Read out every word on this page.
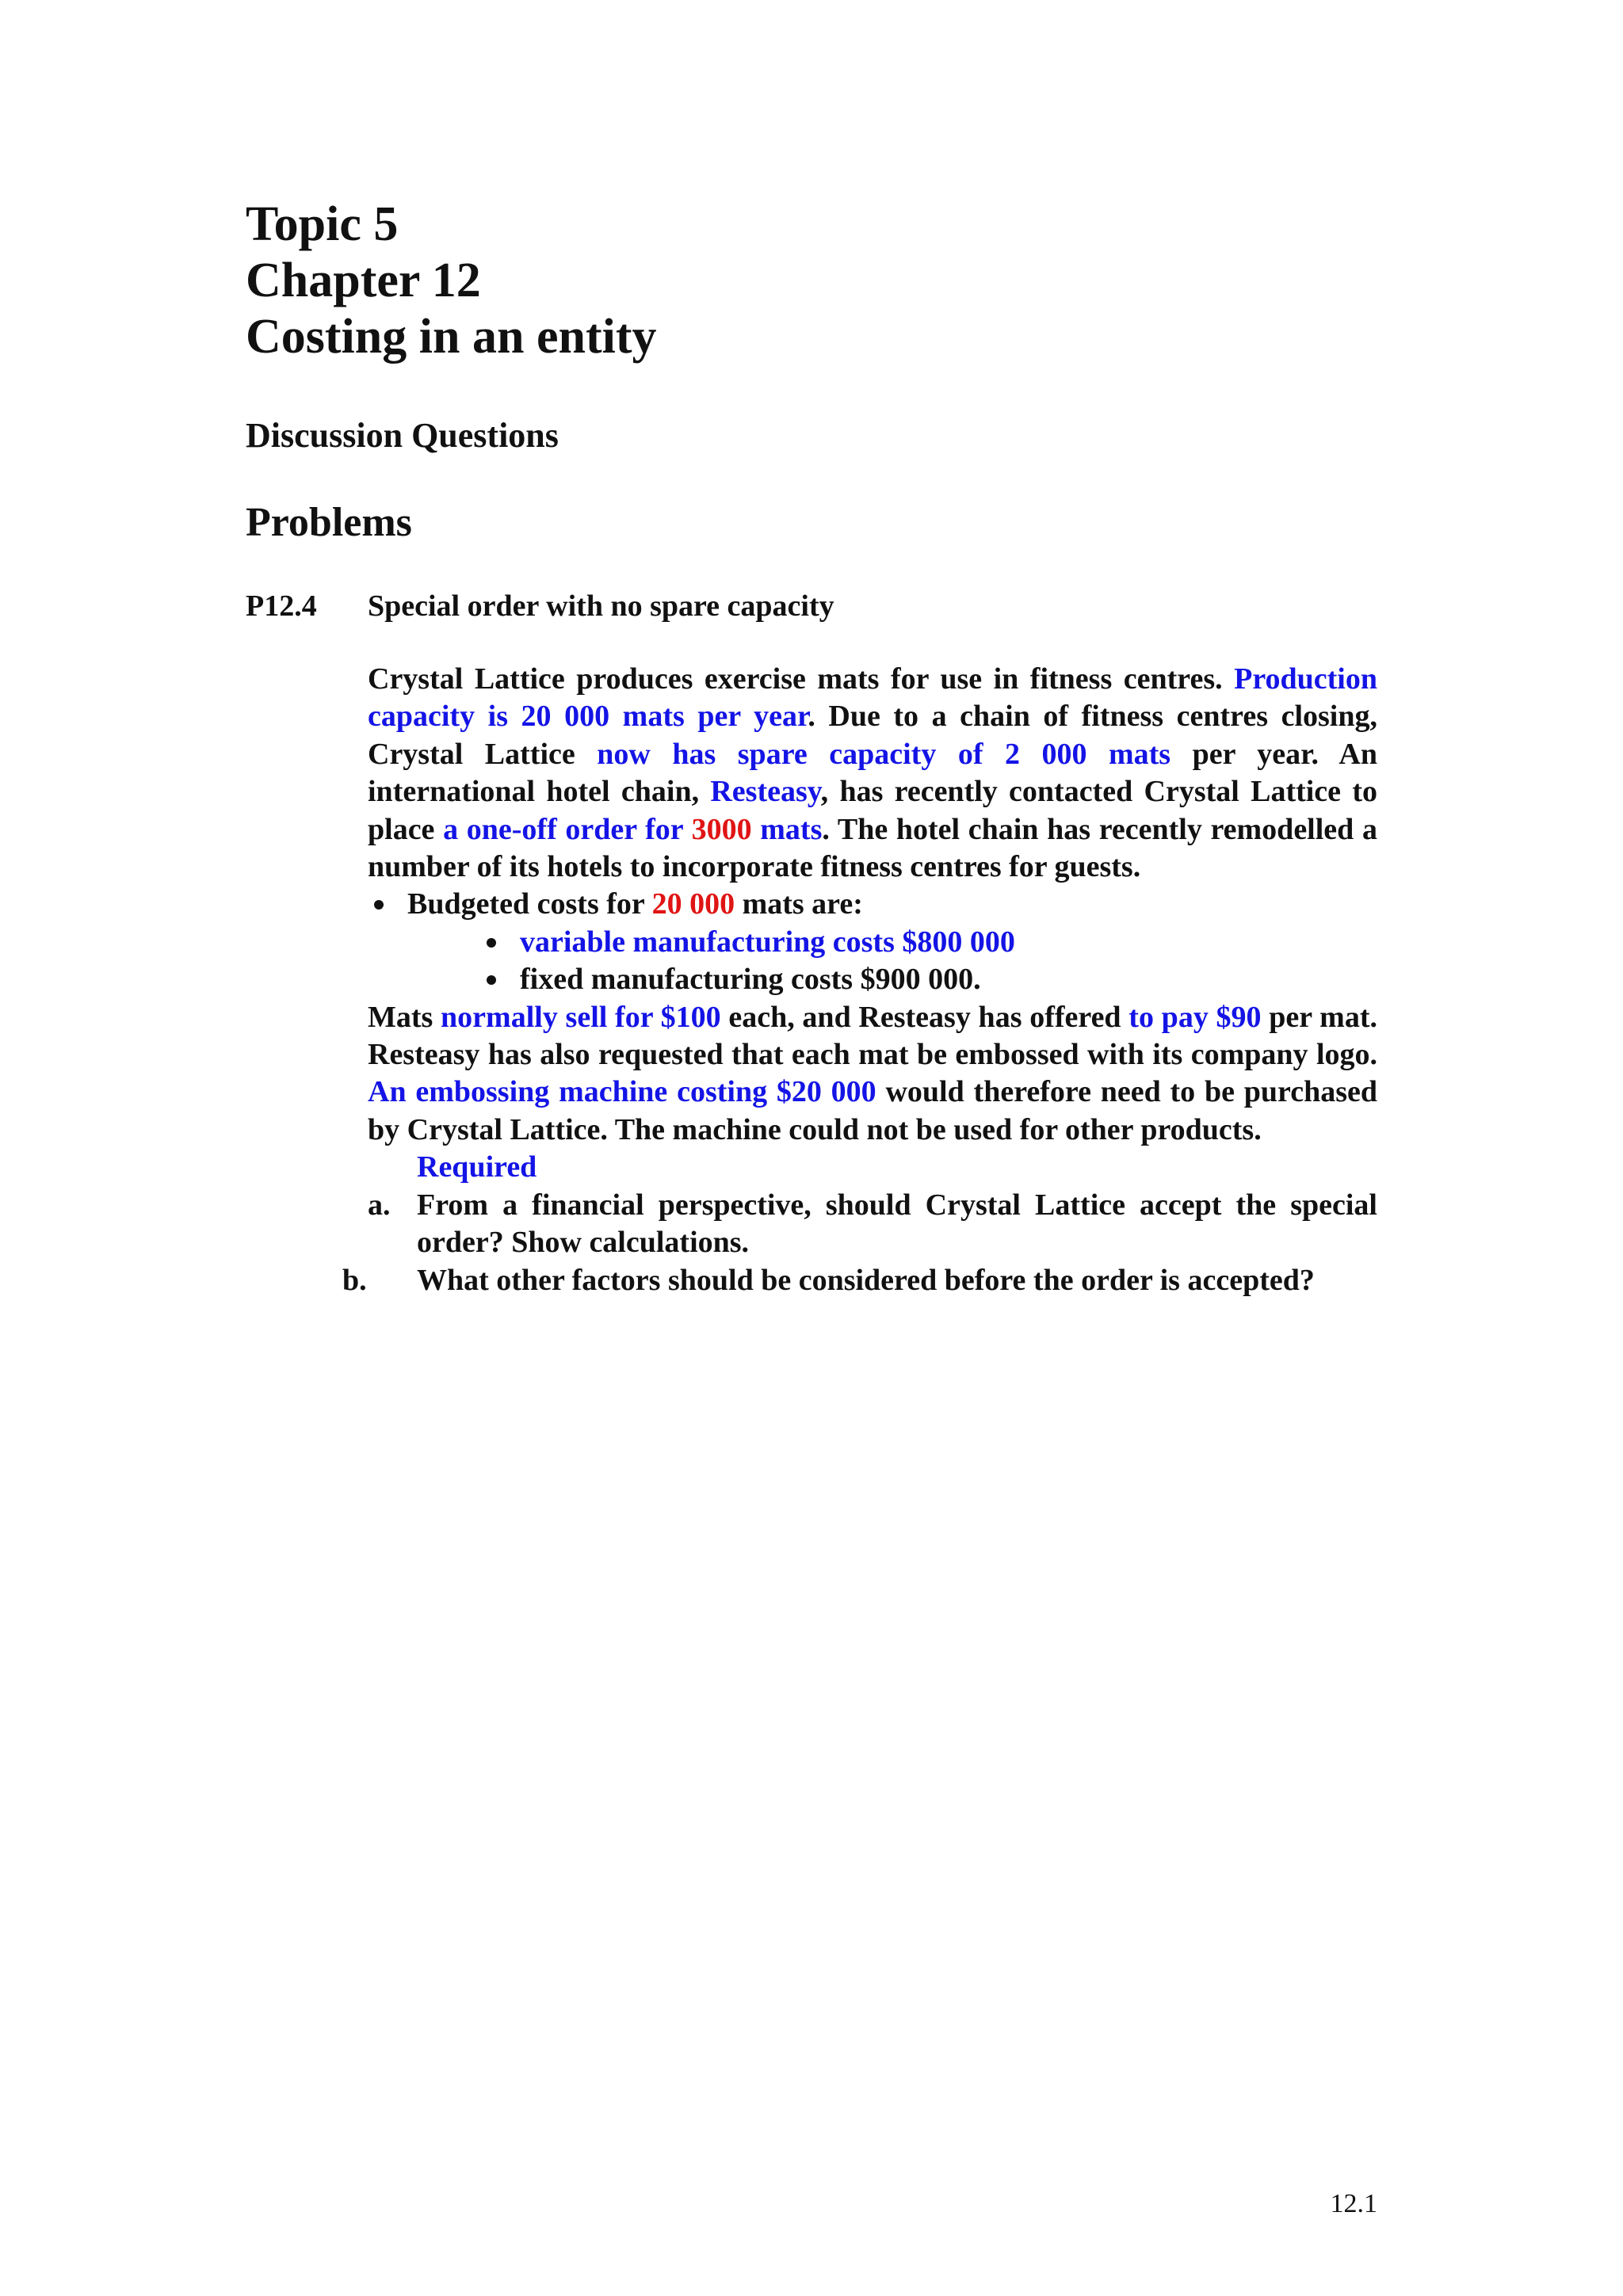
Topic 5
Chapter 12
Costing in an entity
Discussion Questions
Problems
P12.4 Special order with no spare capacity

Crystal Lattice produces exercise mats for use in fitness centres. Production capacity is 20 000 mats per year. Due to a chain of fitness centres closing, Crystal Lattice now has spare capacity of 2 000 mats per year. An international hotel chain, Resteasy, has recently contacted Crystal Lattice to place a one-off order for 3000 mats. The hotel chain has recently remodelled a number of its hotels to incorporate fitness centres for guests.

Budgeted costs for 20 000 mats are:
variable manufacturing costs $800 000
fixed manufacturing costs $900 000.

Mats normally sell for $100 each, and Resteasy has offered to pay $90 per mat. Resteasy has also requested that each mat be embossed with its company logo. An embossing machine costing $20 000 would therefore need to be purchased by Crystal Lattice. The machine could not be used for other products.

Required
a. From a financial perspective, should Crystal Lattice accept the special order? Show calculations.
b. What other factors should be considered before the order is accepted?
12.1
